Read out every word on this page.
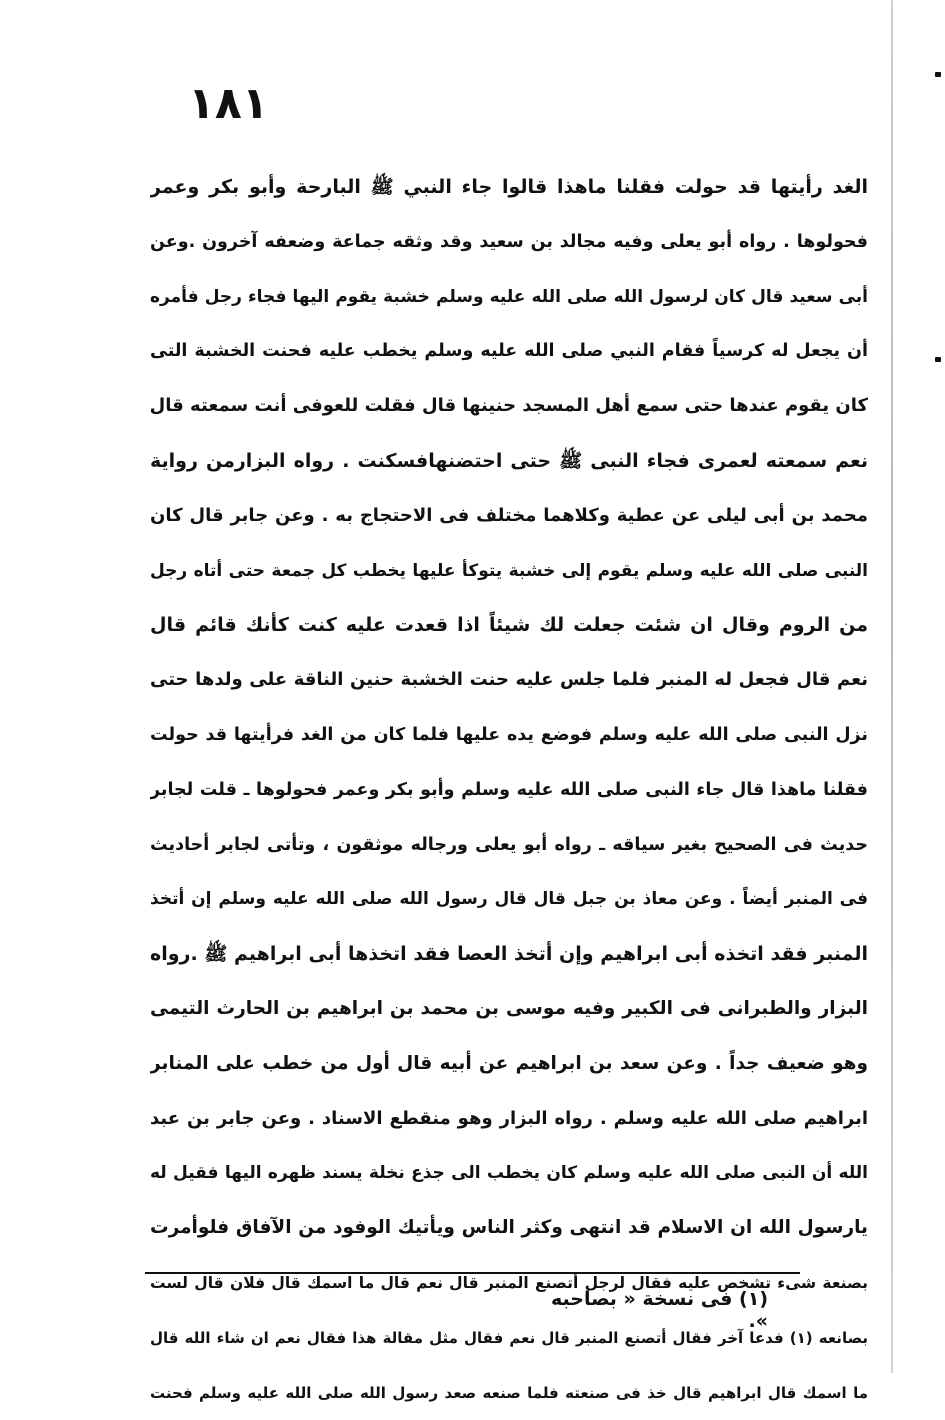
١٨١
الغد رأيتها قد حولت فقلنا ماهذا قالوا جاء النبي ﷺ البارحة وأبو بكر وعمر
فحولوها . رواه أبو يعلى وفيه مجالد بن سعيد وقد وثقه جماعة وضعفه آخرون .وعن
أبى سعيد قال كان لرسول الله صلى الله عليه وسلم خشبة يقوم اليها فجاء رجل فأمره
أن يجعل له كرسياً فقام النبي صلى الله عليه وسلم يخطب عليه فحنت الخشبة التى
كان يقوم عندها حتى سمع أهل المسجد حنينها قال فقلت للعوفى أنت سمعته قال
نعم سمعته لعمرى فجاء النبى ﷺ حتى احتضنهافسكنت . رواه البزارمن رواية
محمد بن أبى ليلى عن عطية وكلاهما مختلف فى الاحتجاج به . وعن جابر قال كان
النبى صلى الله عليه وسلم يقوم إلى خشبة يتوكأ عليها يخطب كل جمعة حتى أتاه رجل
من الروم وقال ان شئت جعلت لك شيئاً اذا قعدت عليه كنت كأنك قائم قال
نعم قال فجعل له المنبر فلما جلس عليه حنت الخشبة حنين الناقة على ولدها حتى
نزل النبى صلى الله عليه وسلم فوضع يده عليها فلما كان من الغد فرأيتها قد حولت
فقلنا ماهذا قال جاء النبى صلى الله عليه وسلم وأبو بكر وعمر فحولوها ـ قلت لجابر
حديث فى الصحيح بغير سياقه ـ رواه أبو يعلى ورجاله موثقون ، وتأتى لجابر أحاديث
فى المنبر أيضاً . وعن معاذ بن جبل قال قال رسول الله صلى الله عليه وسلم إن أتخذ
المنبر فقد اتخذه أبى ابراهيم وإن أتخذ العصا فقد اتخذها أبى ابراهيم ﷺ .رواه
البزار والطبرانى فى الكبير وفيه موسى بن محمد بن ابراهيم بن الحارث التيمى
وهو ضعيف جداً . وعن سعد بن ابراهيم عن أبيه قال أول من خطب على المنابر
ابراهيم صلى الله عليه وسلم . رواه البزار وهو منقطع الاسناد . وعن جابر بن عبد
الله أن النبى صلى الله عليه وسلم كان يخطب الى جذع نخلة يسند ظهره اليها فقيل له
يارسول الله ان الاسلام قد انتهى وكثر الناس ويأتيك الوفود من الآفاق فلوأمرت
بصنعة شىء تشخص عليه فقال لرجل أتصنع المنبر قال نعم قال ما اسمك قال فلان قال لست
بصانعه (١) فدعا آخر فقال أتصنع المنبر قال نعم فقال مثل مقالة هذا فقال نعم ان شاء الله قال
ما اسمك قال ابراهيم قال خذ فى صنعته فلما صنعه صعد رسول الله صلى الله عليه وسلم فحنت
(١) فى نسخة « بصاحبه ».
